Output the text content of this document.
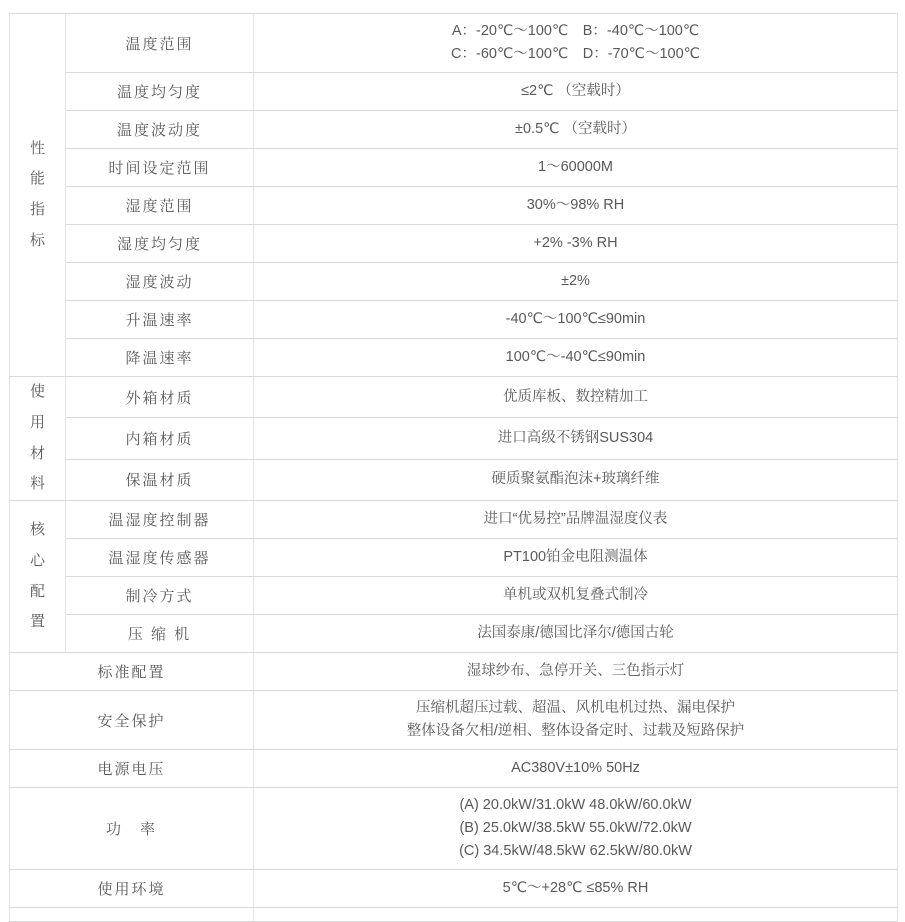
性能指标	温度范围	A：-20℃～100℃　B：-40℃～100℃
C：-60℃～100℃　D：-70℃～100℃

	温度均匀度	≤2℃ （空载时）

	温度波动度	±0.5℃ （空载时）

	时间设定范围	1～60000M

	湿度范围	30%～98% RH

	湿度均匀度	+2% -3% RH

	湿度波动	±2%

	升温速率	-40℃～100℃≤90min

	降温速率	100℃～-40℃≤90min

使用材料	外箱材质	优质库板、数控精加工

	内箱材质	进口高级不锈钢SUS304

	保温材质	硬质聚氨酯泡沫+玻璃纤维

核心配置	温湿度控制器	进口“优易控”品牌温湿度仪表

	温湿度传感器	PT100铂金电阻测温体

	制冷方式	单机或双机复叠式制冷

	压 缩 机	法国泰康/德国比泽尔/德国古轮

标准配置		湿球纱布、急停开关、三色指示灯

安全保护		压缩机超压过载、超温、风机电机过热、漏电保护
整体设备欠相/逆相、整体设备定时、过载及短路保护

电源电压		AC380V±10% 50Hz

功　率		(A) 20.0kW/31.0kW 48.0kW/60.0kW
(B) 25.0kW/38.5kW 55.0kW/72.0kW
(C) 34.5kW/48.5kW 62.5kW/80.0kW

使用环境		5℃～+28℃ ≤85% RH
